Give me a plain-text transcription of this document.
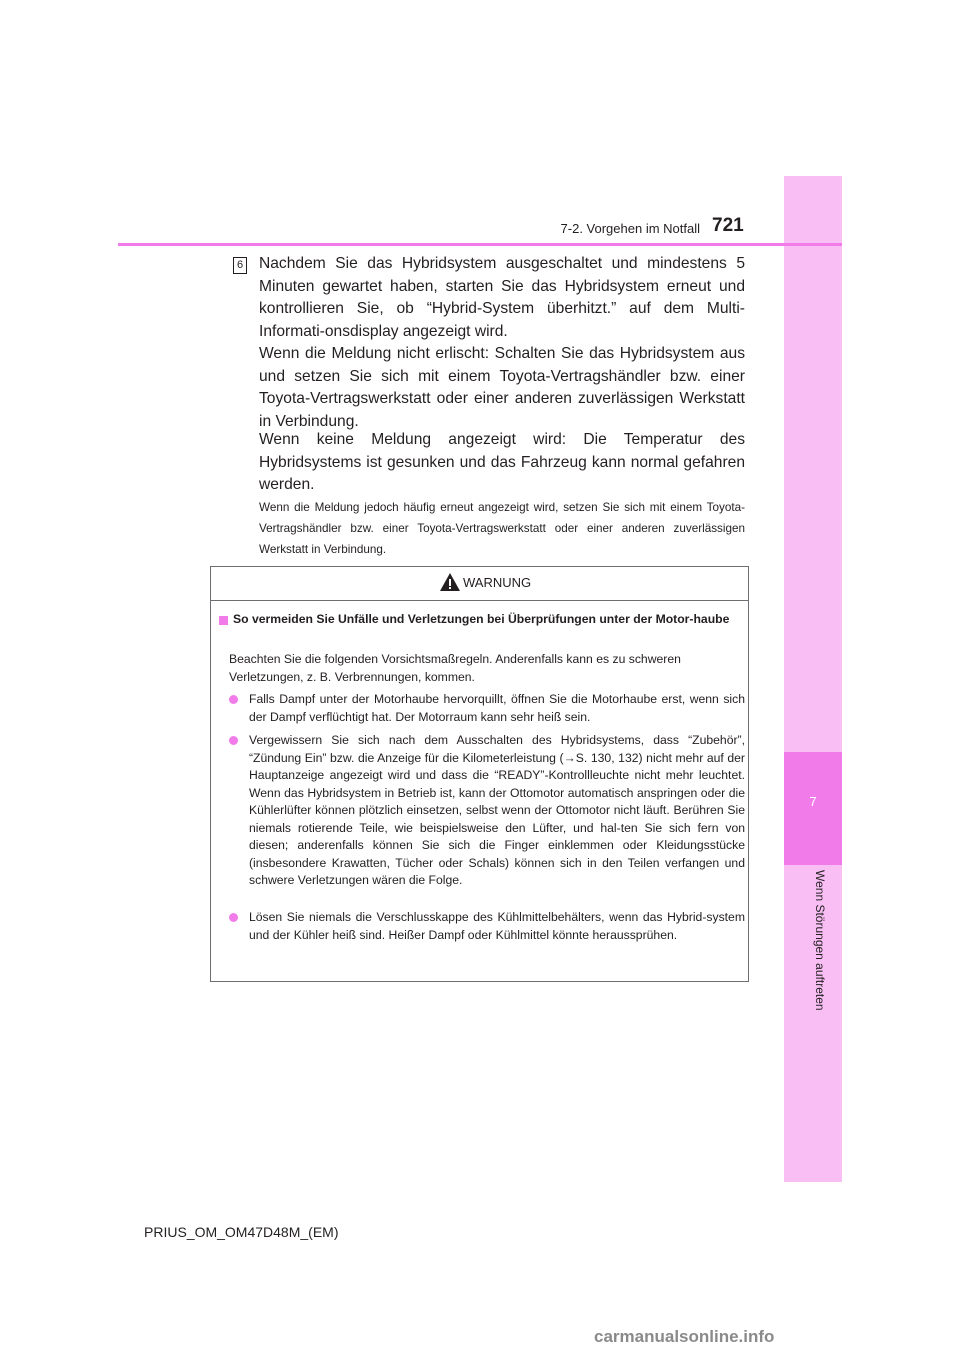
7
Wenn Störungen auftreten
7-2. Vorgehen im Notfall 721
6 Nachdem Sie das Hybridsystem ausgeschaltet und mindestens 5 Minuten gewartet haben, starten Sie das Hybridsystem erneut und kontrollieren Sie, ob “Hybrid-System überhitzt.” auf dem Multi-Informati-onsdisplay angezeigt wird.
Wenn die Meldung nicht erlischt: Schalten Sie das Hybridsystem aus und setzen Sie sich mit einem Toyota-Vertragshändler bzw. einer Toyota-Vertragswerkstatt oder einer anderen zuverlässigen Werkstatt in Verbindung.
Wenn keine Meldung angezeigt wird: Die Temperatur des Hybridsystems ist gesunken und das Fahrzeug kann normal gefahren werden.
Wenn die Meldung jedoch häufig erneut angezeigt wird, setzen Sie sich mit einem Toyota-Vertragshändler bzw. einer Toyota-Vertragswerkstatt oder einer anderen zuverlässigen Werkstatt in Verbindung.
WARNUNG
So vermeiden Sie Unfälle und Verletzungen bei Überprüfungen unter der Motor-haube
Beachten Sie die folgenden Vorsichtsmaßregeln. Anderenfalls kann es zu schweren Verletzungen, z. B. Verbrennungen, kommen.
Falls Dampf unter der Motorhaube hervorquillt, öffnen Sie die Motorhaube erst, wenn sich der Dampf verflüchtigt hat. Der Motorraum kann sehr heiß sein.
Vergewissern Sie sich nach dem Ausschalten des Hybridsystems, dass “Zubehör”, “Zündung Ein” bzw. die Anzeige für die Kilometerleistung (→S. 130, 132) nicht mehr auf der Hauptanzeige angezeigt wird und dass die “READY”-Kontrollleuchte nicht mehr leuchtet. Wenn das Hybridsystem in Betrieb ist, kann der Ottomotor automatisch anspringen oder die Kühlerlüfter können plötzlich einsetzen, selbst wenn der Ottomotor nicht läuft. Berühren Sie niemals rotierende Teile, wie beispielsweise den Lüfter, und hal-ten Sie sich fern von diesen; anderenfalls können Sie sich die Finger einklemmen oder Kleidungsstücke (insbesondere Krawatten, Tücher oder Schals) können sich in den Teilen verfangen und schwere Verletzungen wären die Folge.
Lösen Sie niemals die Verschlusskappe des Kühlmittelbehälters, wenn das Hybrid-system und der Kühler heiß sind. Heißer Dampf oder Kühlmittel könnte heraussprühen.
PRIUS_OM_OM47D48M_(EM)
carmanualsonline.info
